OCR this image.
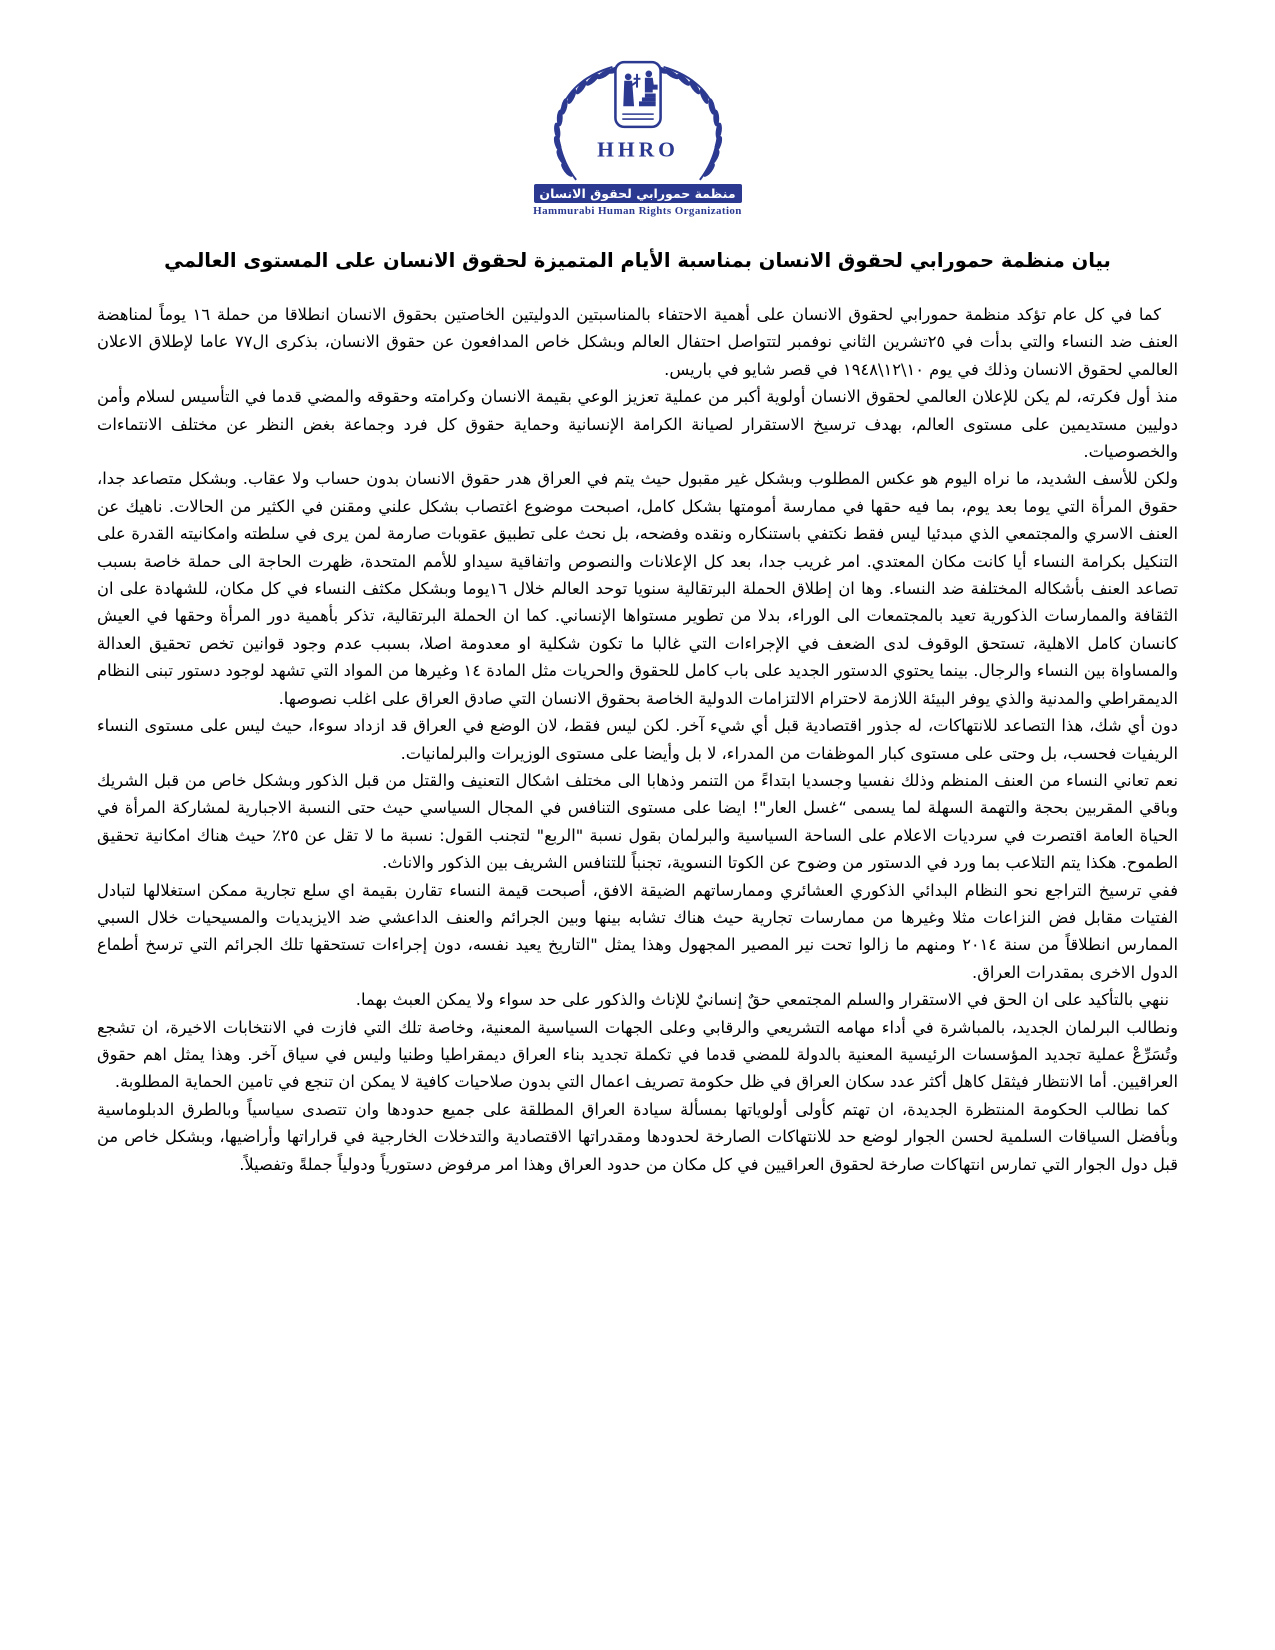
HHRO
منظمة حمورابي لحقوق الانسان
Hammurabi Human Rights Organization
بيان منظمة حمورابي لحقوق الانسان بمناسبة الأيام المتميزة لحقوق الانسان على المستوى العالمي

كما في كل عام تؤكد منظمة حمورابي لحقوق الانسان على أهمية الاحتفاء بالمناسبتين الدوليتين الخاصتين بحقوق الانسان انطلاقا من حملة ١٦ يوماً لمناهضة العنف ضد النساء والتي بدأت في ٢٥تشرين الثاني نوفمبر لتتواصل احتفال العالم وبشكل خاص المدافعون عن حقوق الانسان، بذكرى ال٧٧ عاما لإطلاق الاعلان العالمي لحقوق الانسان وذلك في يوم ١٠\١٢\١٩٤٨ في قصر شايو في باريس.

منذ أول فكرته، لم يكن للإعلان العالمي لحقوق الانسان أولوية أكبر من عملية تعزيز الوعي بقيمة الانسان وكرامته وحقوقه والمضي قدما في التأسيس لسلام وأمن دوليين مستديمين على مستوى العالم، بهدف ترسيخ الاستقرار لصيانة الكرامة الإنسانية وحماية حقوق كل فرد وجماعة بغض النظر عن مختلف الانتماءات والخصوصيات.

ولكن للأسف الشديد، ما نراه اليوم هو عكس المطلوب وبشكل غير مقبول حيث يتم في العراق هدر حقوق الانسان بدون حساب ولا عقاب. وبشكل متصاعد جدا، حقوق المرأة التي يوما بعد يوم، بما فيه حقها في ممارسة أمومتها بشكل كامل، اصبحت موضوع اغتصاب بشكل علني ومقنن في الكثير من الحالات. ناهيك عن العنف الاسري والمجتمعي الذي مبدئيا ليس فقط نكتفي باستنكاره ونقده وفضحه، بل نحث على تطبيق عقوبات صارمة لمن يرى في سلطته وامكانيته القدرة على التنكيل بكرامة النساء أيا كانت مكان المعتدي. امر غريب جدا، بعد كل الإعلانات والنصوص واتفاقية سيداو للأمم المتحدة، ظهرت الحاجة الى حملة خاصة بسبب تصاعد العنف بأشكاله المختلفة ضد النساء. وها ان إطلاق الحملة البرتقالية سنويا توحد العالم خلال ١٦يوما وبشكل مكثف النساء في كل مكان، للشهادة على ان الثقافة والممارسات الذكورية تعيد بالمجتمعات الى الوراء، بدلا من تطوير مستواها الإنساني. كما ان الحملة البرتقالية، تذكر بأهمية دور المرأة وحقها في العيش كانسان كامل الاهلية، تستحق الوقوف لدى الضعف في الإجراءات التي غالبا ما تكون شكلية او معدومة اصلا، بسبب عدم وجود قوانين تخص تحقيق العدالة والمساواة بين النساء والرجال. بينما يحتوي الدستور الجديد على باب كامل للحقوق والحريات مثل المادة ١٤ وغيرها من المواد التي تشهد لوجود دستور تبنى النظام الديمقراطي والمدنية والذي يوفر البيئة اللازمة لاحترام الالتزامات الدولية الخاصة بحقوق الانسان التي صادق العراق على اغلب نصوصها.

دون أي شك، هذا التصاعد للانتهاكات، له جذور اقتصادية قبل أي شيء آخر. لكن ليس فقط، لان الوضع في العراق قد ازداد سوءا، حيث ليس على مستوى النساء الريفيات فحسب، بل وحتى على مستوى كبار الموظفات من المدراء، لا بل وأيضا على مستوى الوزيرات والبرلمانيات.

نعم تعاني النساء من العنف المنظم وذلك نفسيا وجسديا ابتداءً من التنمر وذهابا الى مختلف اشكال التعنيف والقتل من قبل الذكور وبشكل خاص من قبل الشريك وباقي المقربين بحجة والتهمة السهلة لما يسمى “غسل العار"! ايضا على مستوى التنافس في المجال السياسي حيث حتى النسبة الاجبارية لمشاركة المرأة في الحياة العامة اقتصرت في سرديات الاعلام على الساحة السياسية والبرلمان بقول نسبة "الربع" لتجنب القول: نسبة ما لا تقل عن ٢٥٪ حيث هناك امكانية تحقيق الطموح. هكذا يتم التلاعب بما ورد في الدستور من وضوح عن الكوتا النسوية، تجنباً للتنافس الشريف بين الذكور والاناث.

ففي ترسيخ التراجع نحو النظام البدائي الذكوري العشائري وممارساتهم الضيقة الافق، أصبحت قيمة النساء تقارن بقيمة اي سلع تجارية ممكن استغلالها لتبادل الفتيات مقابل فض النزاعات مثلا وغيرها من ممارسات تجارية حيث هناك تشابه بينها وبين الجرائم والعنف الداعشي ضد الايزيديات والمسيحيات خلال السبي الممارس انطلاقاً من سنة ٢٠١٤ ومنهم ما زالوا تحت نير المصير المجهول وهذا يمثل "التاريخ يعيد نفسه، دون إجراءات تستحقها تلك الجرائم التي ترسخ أطماع الدول الاخرى بمقدرات العراق.

ننهي بالتأكيد على ان الحق في الاستقرار والسلم المجتمعي حقٌ إنسانيٌ للإناث والذكور على حد سواء ولا يمكن العبث بهما.

ونطالب البرلمان الجديد، بالمباشرة في أداء مهامه التشريعي والرقابي وعلى الجهات السياسية المعنية، وخاصة تلك التي فازت في الانتخابات الاخيرة، ان تشجع وتُسَرِّعْ عملية تجديد المؤسسات الرئيسية المعنية بالدولة للمضي قدما في تكملة تجديد بناء العراق ديمقراطيا وطنيا وليس في سياق آخر. وهذا يمثل اهم حقوق العراقيين. أما الانتظار فيثقل كاهل أكثر عدد سكان العراق في ظل حكومة تصريف اعمال التي بدون صلاحيات كافية لا يمكن ان تنجع في تامين الحماية المطلوبة.

كما نطالب الحكومة المنتظرة الجديدة، ان تهتم كأولى أولوياتها بمسألة سيادة العراق المطلقة على جميع حدودها وان تتصدى سياسياً وبالطرق الدبلوماسية وبأفضل السياقات السلمية لحسن الجوار لوضع حد للانتهاكات الصارخة لحدودها ومقدراتها الاقتصادية والتدخلات الخارجية في قراراتها وأراضيها، وبشكل خاص من قبل دول الجوار التي تمارس انتهاكات صارخة لحقوق العراقيين في كل مكان من حدود العراق وهذا امر مرفوض دستورياً ودولياً جملةً وتفصيلاً.
